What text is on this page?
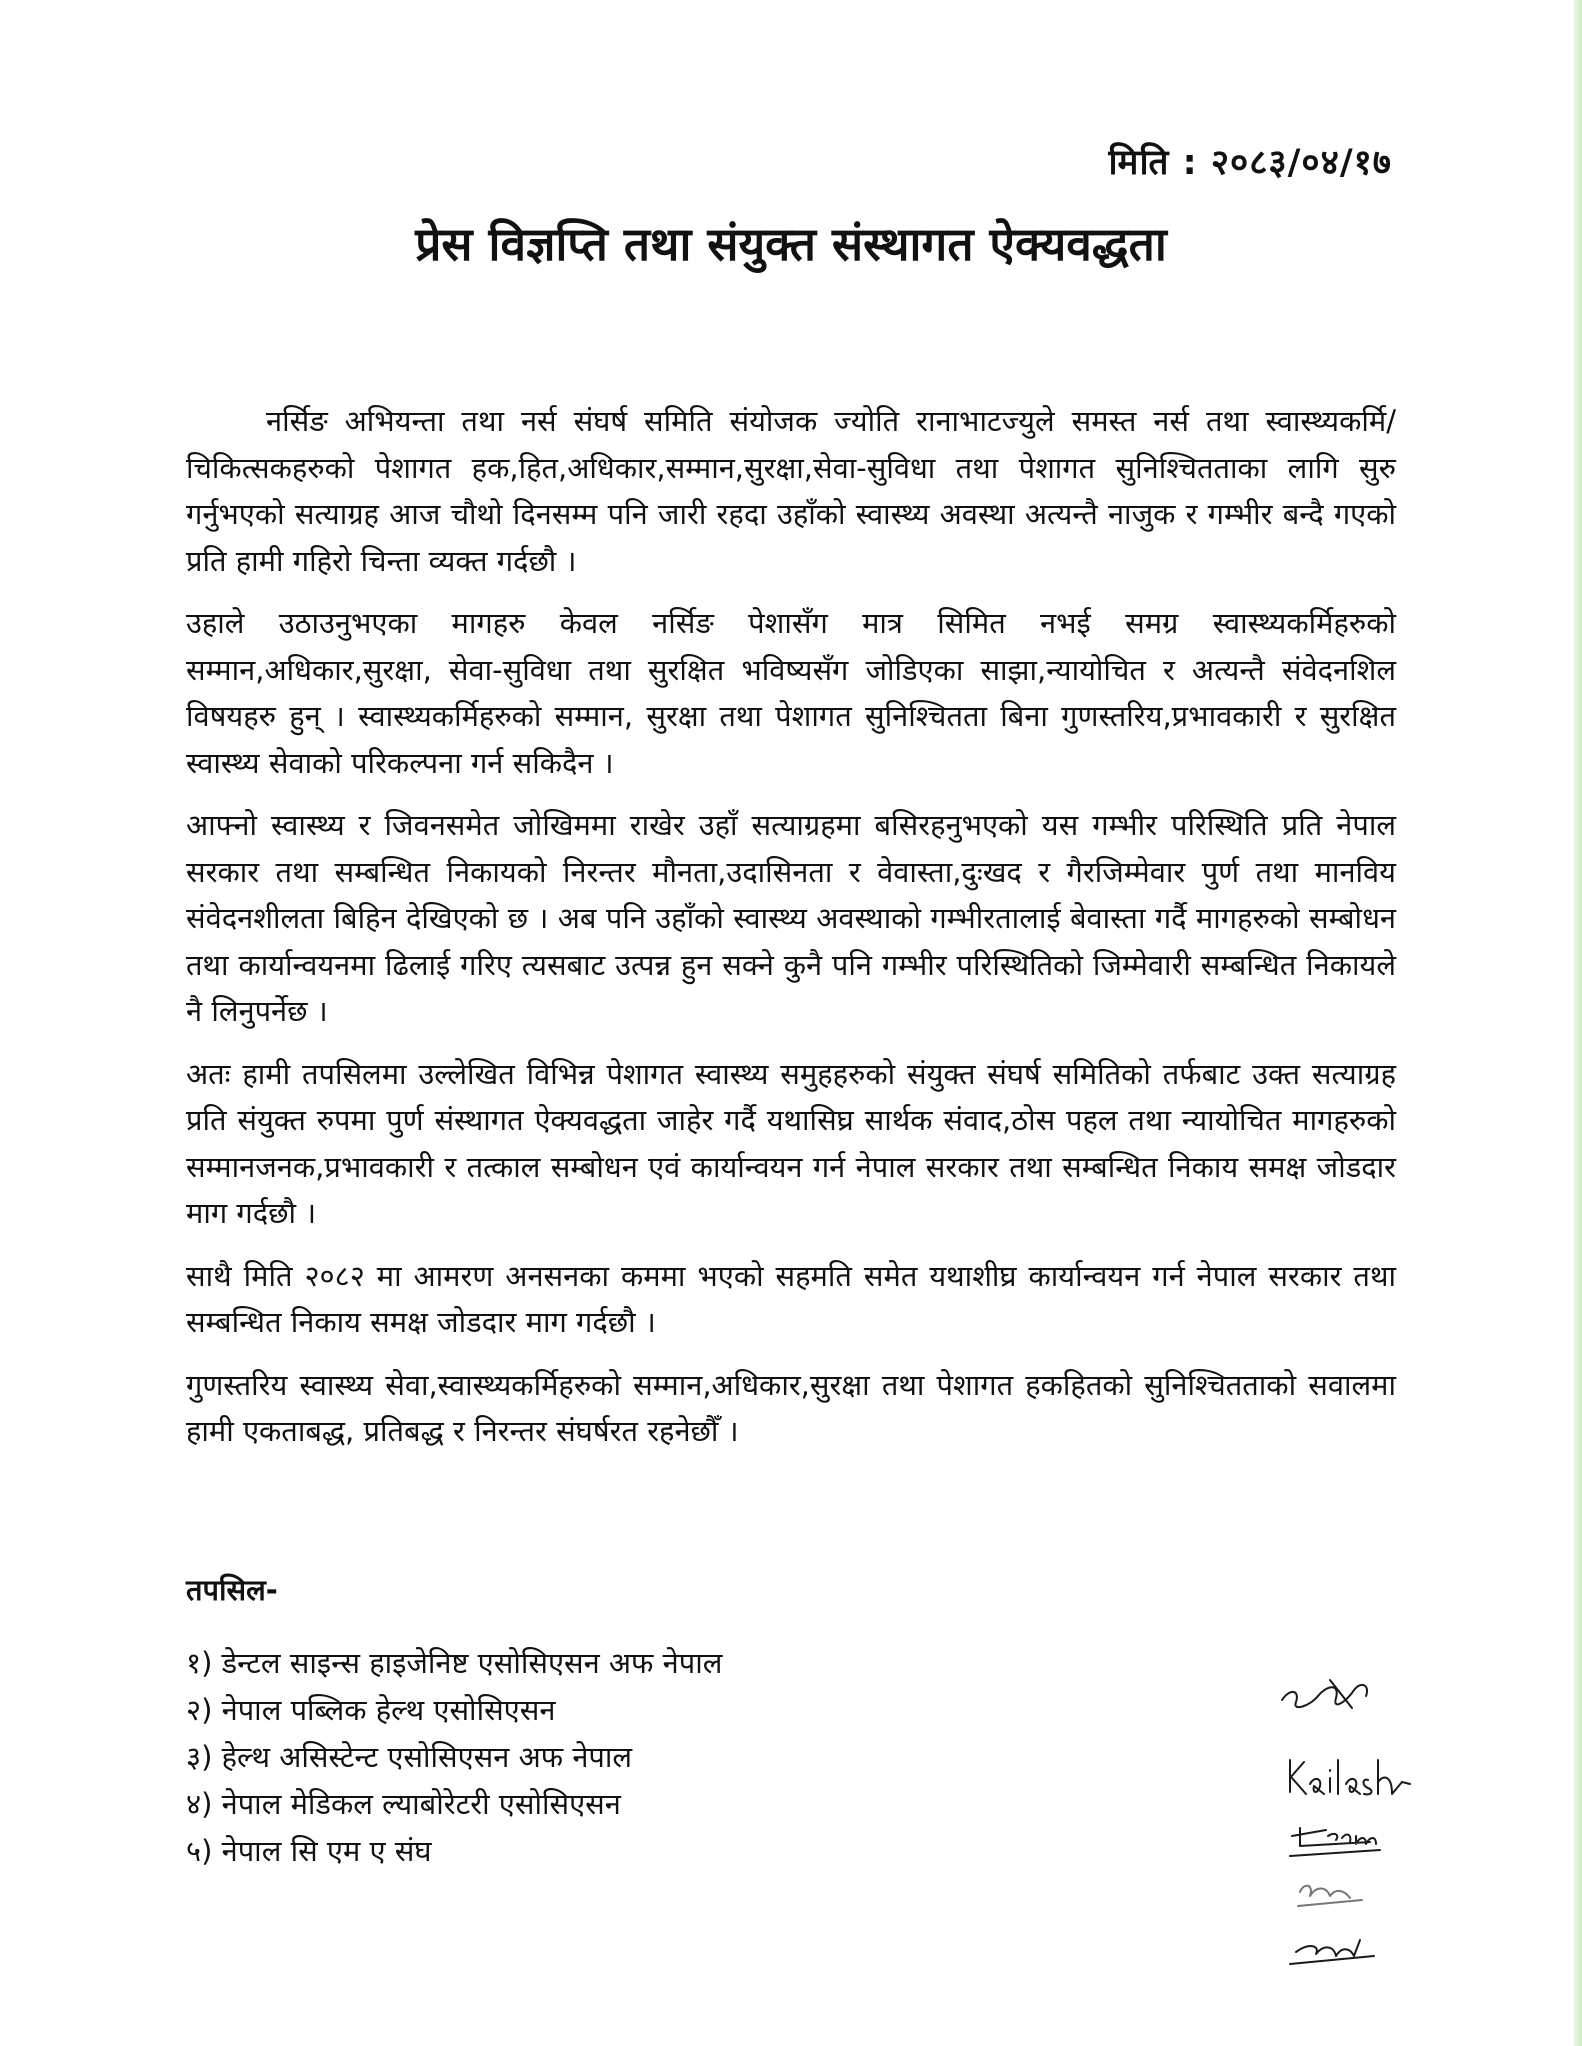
मिति : २०८३/०४/१७
प्रेस विज्ञप्ति तथा संयुक्त संस्थागत ऐक्यवद्धता

नर्सिङ अभियन्ता तथा नर्स संघर्ष समिति संयोजक ज्योति रानाभाटज्युले समस्त नर्स तथा स्वास्थ्यकर्मि/चिकित्सकहरुको पेशागत हक,हित,अधिकार,सम्मान,सुरक्षा,सेवा-सुविधा तथा पेशागत सुनिश्चितताका लागि सुरु गर्नुभएको सत्याग्रह आज चौथो दिनसम्म पनि जारी रहदा उहाँको स्वास्थ्य अवस्था अत्यन्तै नाजुक र गम्भीर बन्दै गएको प्रति हामी गहिरो चिन्ता व्यक्त गर्दछौ ।

उहाले उठाउनुभएका मागहरु केवल नर्सिङ पेशासँग मात्र सिमित नभई समग्र स्वास्थ्यकर्मिहरुको सम्मान,अधिकार,सुरक्षा, सेवा-सुविधा तथा सुरक्षित भविष्यसँग जोडिएका साझा,न्यायोचित र अत्यन्तै संवेदनशिल विषयहरु हुन् । स्वास्थ्यकर्मिहरुको सम्मान, सुरक्षा तथा पेशागत सुनिश्चितता बिना गुणस्तरिय,प्रभावकारी र सुरक्षित स्वास्थ्य सेवाको परिकल्पना गर्न सकिदैन ।

आफ्नो स्वास्थ्य र जिवनसमेत जोखिममा राखेर उहाँ सत्याग्रहमा बसिरहनुभएको यस गम्भीर परिस्थिति प्रति नेपाल सरकार तथा सम्बन्धित निकायको निरन्तर मौनता,उदासिनता र वेवास्ता,दुःखद र गैरजिम्मेवार पुर्ण तथा मानविय संवेदनशीलता बिहिन देखिएको छ । अब पनि उहाँको स्वास्थ्य अवस्थाको गम्भीरतालाई बेवास्ता गर्दै मागहरुको सम्बोधन तथा कार्यान्वयनमा ढिलाई गरिए त्यसबाट उत्पन्न हुन सक्ने कुनै पनि गम्भीर परिस्थितिको जिम्मेवारी सम्बन्धित निकायले नै लिनुपर्नेछ ।

अतः हामी तपसिलमा उल्लेखित विभिन्न पेशागत स्वास्थ्य समुहहरुको संयुक्त संघर्ष समितिको तर्फबाट उक्त सत्याग्रह प्रति संयुक्त रुपमा पुर्ण संस्थागत ऐक्यवद्धता जाहेर गर्दै यथासिघ्र सार्थक संवाद,ठोस पहल तथा न्यायोचित मागहरुको सम्मानजनक,प्रभावकारी र तत्काल सम्बोधन एवं कार्यान्वयन गर्न नेपाल सरकार तथा सम्बन्धित निकाय समक्ष जोडदार माग गर्दछौ ।

साथै मिति २०८२ मा आमरण अनसनका कममा भएको सहमति समेत यथाशीघ्र कार्यान्वयन गर्न नेपाल सरकार तथा सम्बन्धित निकाय समक्ष जोडदार माग गर्दछौ ।

गुणस्तरिय स्वास्थ्य सेवा,स्वास्थ्यकर्मिहरुको सम्मान,अधिकार,सुरक्षा तथा पेशागत हकहितको सुनिश्चितताको सवालमा हामी एकताबद्ध, प्रतिबद्ध र निरन्तर संघर्षरत रहनेछौँ ।

तपसिल-
१) डेन्टल साइन्स हाइजेनिष्ट एसोसिएसन अफ नेपाल
२) नेपाल पब्लिक हेल्थ एसोसिएसन
३) हेल्थ असिस्टेन्ट एसोसिएसन अफ नेपाल
४) नेपाल मेडिकल ल्याबोरेटरी एसोसिएसन
५) नेपाल सि एम ए संघ
